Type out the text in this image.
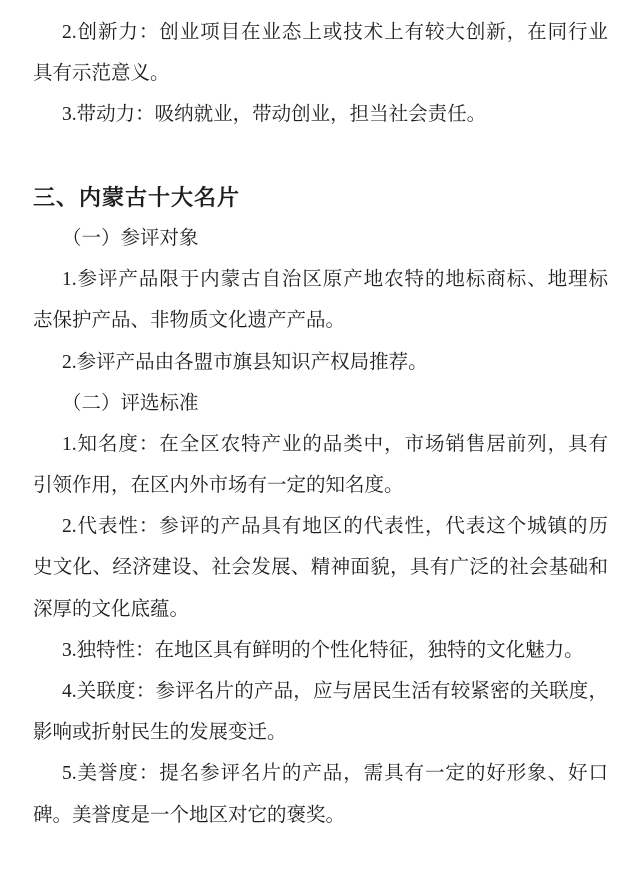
2.创新力：创业项目在业态上或技术上有较大创新，在同行业
具有示范意义。
3.带动力：吸纳就业，带动创业，担当社会责任。
三、内蒙古十大名片
（一）参评对象
1.参评产品限于内蒙古自治区原产地农特的地标商标、地理标
志保护产品、非物质文化遗产产品。
2.参评产品由各盟市旗县知识产权局推荐。
（二）评选标准
1.知名度：在全区农特产业的品类中，市场销售居前列，具有
引领作用，在区内外市场有一定的知名度。
2.代表性：参评的产品具有地区的代表性，代表这个城镇的历
史文化、经济建设、社会发展、精神面貌，具有广泛的社会基础和
深厚的文化底蕴。
3.独特性：在地区具有鲜明的个性化特征，独特的文化魅力。
4.关联度：参评名片的产品，应与居民生活有较紧密的关联度，
影响或折射民生的发展变迁。
5.美誉度：提名参评名片的产品，需具有一定的好形象、好口
碑。美誉度是一个地区对它的褒奖。
